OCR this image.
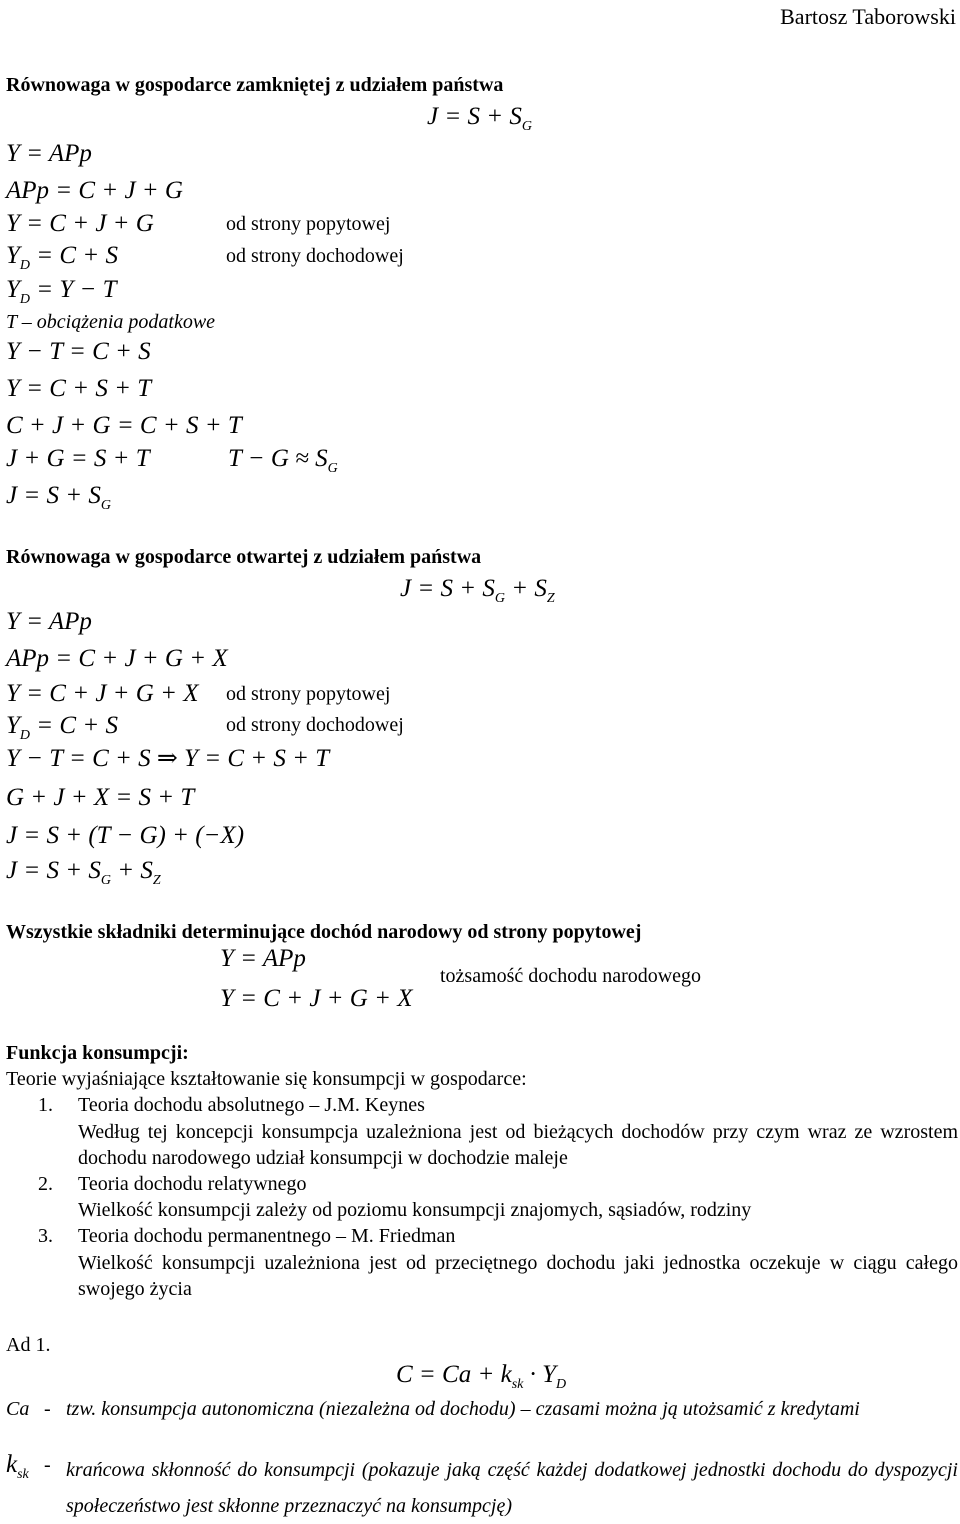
Bartosz Taborowski
Równowaga w gospodarce zamkniętej z udziałem państwa
$J = S + S_G$
Y = APp
APp = C + J + G
Y = C + J + G	od strony popytowej
$Y_D = C + S$	od strony dochodowej
$Y_D = Y - T$
T – obciążenia podatkowe
Y − T = C + S
Y = C + S + T
C + J + G = C + S + T
J + G = S + T	$T - G \approx S_G$
$J = S + S_G$
Równowaga w gospodarce otwartej z udziałem państwa
$J = S + S_G + S_Z$
Y = APp
APp = C + J + G + X
Y = C + J + G + X od strony popytowej
$Y_D = C + S$	od strony dochodowej
Y − T = C + S ⇒ Y = C + S + T
G + J + X = S + T
J = S + (T − G) + (−X)
$J = S + S_G + S_Z$
Wszystkie składniki determinujące dochód narodowy od strony popytowej
Y = APp
Y = C + J + G + X
tożsamość dochodu narodowego
Funkcja konsumpcji:
Teorie wyjaśniające kształtowanie się konsumpcji w gospodarce:
1. Teoria dochodu absolutnego – J.M. Keynes
Według tej koncepcji konsumpcja uzależniona jest od bieżących dochodów przy czym wraz ze wzrostem dochodu narodowego udział konsumpcji w dochodzie maleje
2. Teoria dochodu relatywnego
Wielkość konsumpcji zależy od poziomu konsumpcji znajomych, sąsiadów, rodziny
3. Teoria dochodu permanentnego – M. Friedman
Wielkość konsumpcji uzależniona jest od przeciętnego dochodu jaki jednostka oczekuje w ciągu całego swojego życia
Ad 1.
$C = Ca + k_{sk} \cdot Y_D$
Ca - tzw. konsumpcja autonomiczna (niezależna od dochodu) – czasami można ją utożsamić z kredytami
$k_{sk}$ - krańcowa skłonność do konsumpcji (pokazuje jaką część każdej dodatkowej jednostki dochodu do dyspozycji społeczeństwo jest skłonne przeznaczyć na konsumpcję)
